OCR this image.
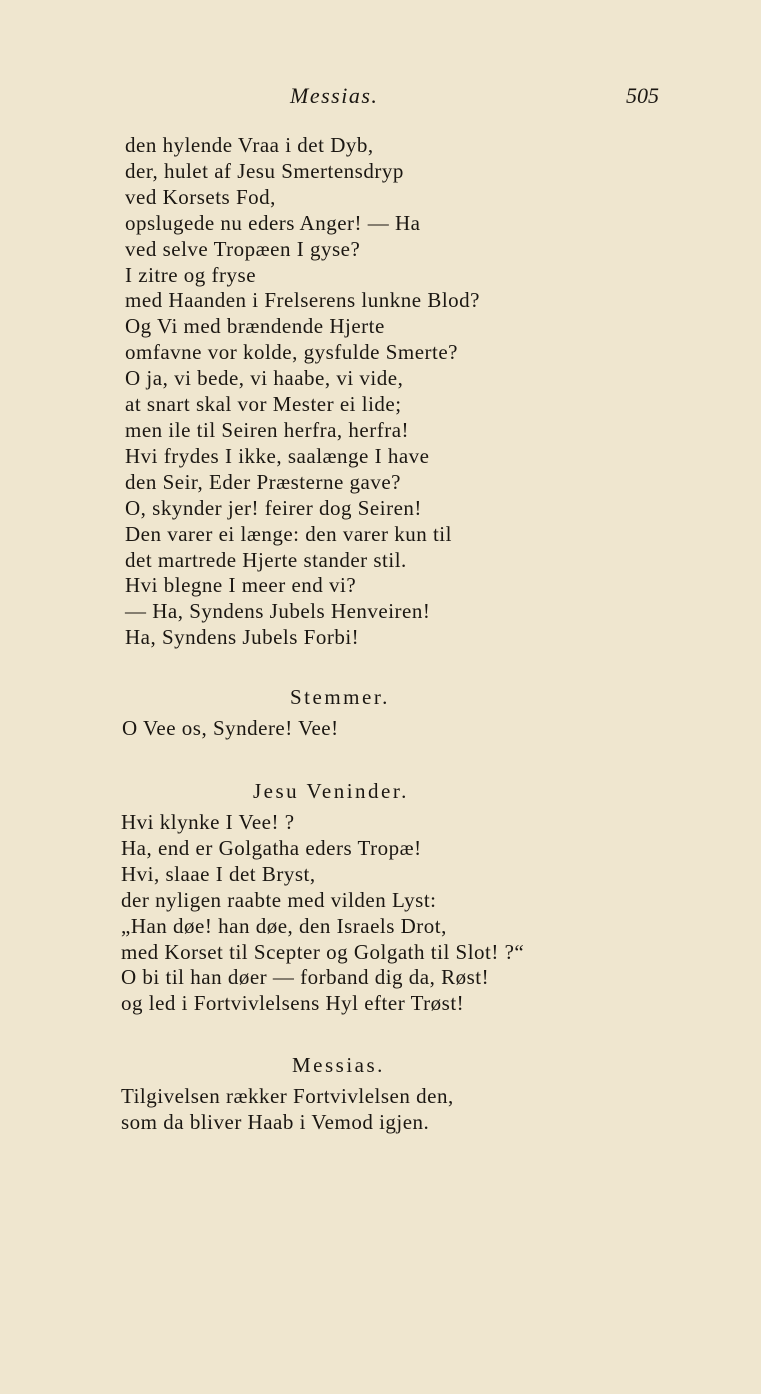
Messias.	505
den hylende Vraa i det Dyb,
der, hulet af Jesu Smertensdryp
ved Korsets Fod,
opslugede nu eders Anger! — Ha
ved selve Tropæen I gyse?
I zitre og fryse
med Haanden i Frelserens lunkne Blod?
Og Vi med brændende Hjerte
omfavne vor kolde, gysfulde Smerte?
O ja, vi bede, vi haabe, vi vide,
at snart skal vor Mester ei lide;
men ile til Seiren herfra, herfra!
Hvi frydes I ikke, saalænge I have
den Seir, Eder Præsterne gave?
O, skynder jer! feirer dog Seiren!
Den varer ei længe: den varer kun til
det martrede Hjerte stander stil.
Hvi blegne I meer end vi?
— Ha, Syndens Jubels Henveiren!
Ha, Syndens Jubels Forbi!
Stemmer.
O Vee os, Syndere! Vee!
Jesu Veninder.
Hvi klynke I Vee! ?
Ha, end er Golgatha eders Tropæ!
Hvi, slaae I det Bryst,
der nyligen raabte med vilden Lyst:
„Han døe! han døe, den Israels Drot,
med Korset til Scepter og Golgath til Slot! ?“
O bi til han døer — forband dig da, Røst!
og led i Fortvivlelsens Hyl efter Trøst!
Messias.
Tilgivelsen rækker Fortvivlelsen den,
som da bliver Haab i Vemod igjen.
